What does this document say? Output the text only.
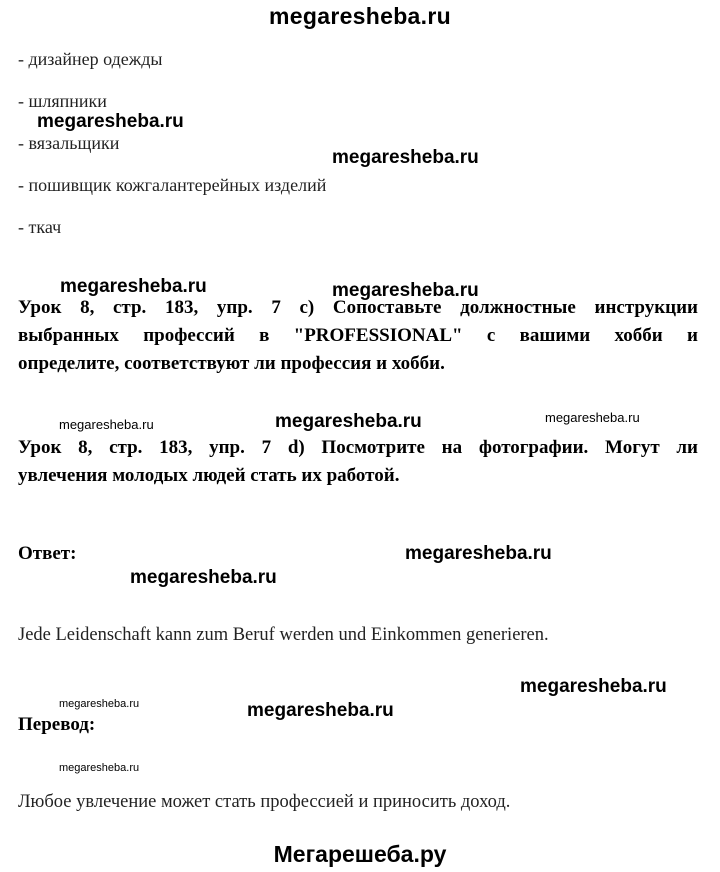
megaresheba.ru
- дизайнер одежды
- шляпники
- вязальщики
- пошивщик кожгалантерейных изделий
- ткач
Урок 8, стр. 183, упр. 7 с) Сопоставьте должностные инструкции
выбранных профессий в "PROFESSIONAL" с вашими хобби и
определите, соответствуют ли профессия и хобби.
Урок 8, стр. 183, упр. 7 d) Посмотрите на фотографии. Могут ли
увлечения молодых людей стать их работой.
Ответ:
Jede Leidenschaft kann zum Beruf werden und Einkommen generieren.
Перевод:
Любое увлечение может стать профессией и приносить доход.
megaresheba.ru
megaresheba.ru
megaresheba.ru	megaresheba.ru
megaresheba.ru	megaresheba.ru	megaresheba.ru
megaresheba.ru
megaresheba.ru
megaresheba.ru
megaresheba.ru	megaresheba.ru
megaresheba.ru
Мегарешеба.ру
